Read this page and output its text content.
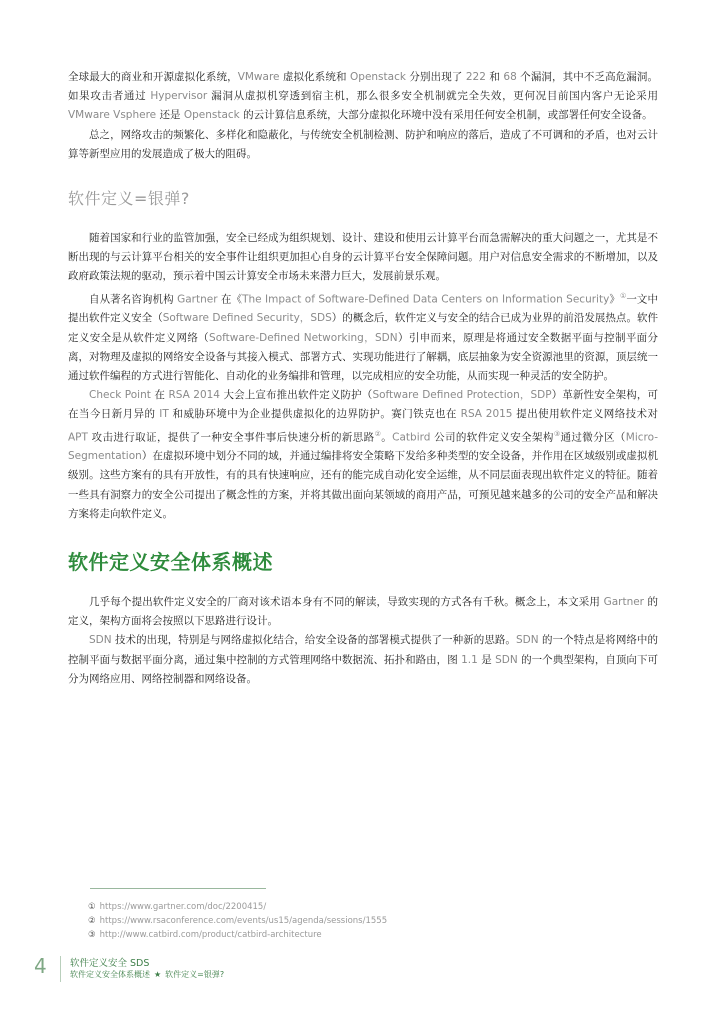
全球最大的商业和开源虚拟化系统，VMware 虚拟化系统和 Openstack 分别出现了 222 和 68 个漏洞，其中不乏高危漏洞。如果攻击者通过 Hypervisor 漏洞从虚拟机穿透到宿主机，那么很多安全机制就完全失效，更何况目前国内客户无论采用 VMware Vsphere 还是 Openstack 的云计算信息系统，大部分虚拟化环境中没有采用任何安全机制，或部署任何安全设备。

总之，网络攻击的频繁化、多样化和隐蔽化，与传统安全机制检测、防护和响应的落后，造成了不可调和的矛盾，也对云计算等新型应用的发展造成了极大的阻碍。

软件定义=银弹?

随着国家和行业的监管加强，安全已经成为组织规划、设计、建设和使用云计算平台而急需解决的重大问题之一，尤其是不断出现的与云计算平台相关的安全事件让组织更加担心自身的云计算平台安全保障问题。用户对信息安全需求的不断增加，以及政府政策法规的驱动，预示着中国云计算安全市场未来潜力巨大，发展前景乐观。

自从著名咨询机构 Gartner 在《The Impact of Software-Defined Data Centers on Information Security》①一文中提出软件定义安全（Software Defined Security，SDS）的概念后，软件定义与安全的结合已成为业界的前沿发展热点。软件定义安全是从软件定义网络（Software-Defined Networking，SDN）引申而来，原理是将通过安全数据平面与控制平面分离，对物理及虚拟的网络安全设备与其接入模式、部署方式、实现功能进行了解耦，底层抽象为安全资源池里的资源，顶层统一通过软件编程的方式进行智能化、自动化的业务编排和管理，以完成相应的安全功能，从而实现一种灵活的安全防护。

Check Point 在 RSA 2014 大会上宣布推出软件定义防护（Software Defined Protection，SDP）革新性安全架构，可在当今日新月异的 IT 和威胁环境中为企业提供虚拟化的边界防护。赛门铁克也在 RSA 2015 提出使用软件定义网络技术对 APT 攻击进行取证，提供了一种安全事件事后快速分析的新思路②。Catbird 公司的软件定义安全架构③通过微分区（Micro-Segmentation）在虚拟环境中划分不同的域，并通过编排将安全策略下发给多种类型的安全设备，并作用在区域级别或虚拟机级别。这些方案有的具有开放性，有的具有快速响应，还有的能完成自动化安全运维，从不同层面表现出软件定义的特征。随着一些具有洞察力的安全公司提出了概念性的方案，并将其做出面向某领域的商用产品，可预见越来越多的公司的安全产品和解决方案将走向软件定义。

软件定义安全体系概述

几乎每个提出软件定义安全的厂商对该术语本身有不同的解读，导致实现的方式各有千秋。概念上，本文采用 Gartner 的定义，架构方面将会按照以下思路进行设计。

SDN 技术的出现，特别是与网络虚拟化结合，给安全设备的部署模式提供了一种新的思路。SDN 的一个特点是将网络中的控制平面与数据平面分离，通过集中控制的方式管理网络中数据流、拓扑和路由，图 1.1 是 SDN 的一个典型架构，自顶向下可分为网络应用、网络控制器和网络设备。

① https://www.gartner.com/doc/2200415/
② https://www.rsaconference.com/events/us15/agenda/sessions/1555
③ http://www.catbird.com/product/catbird-architecture
4 软件定义安全 SDS
软件定义安全体系概述 ★ 软件定义=银弹?
